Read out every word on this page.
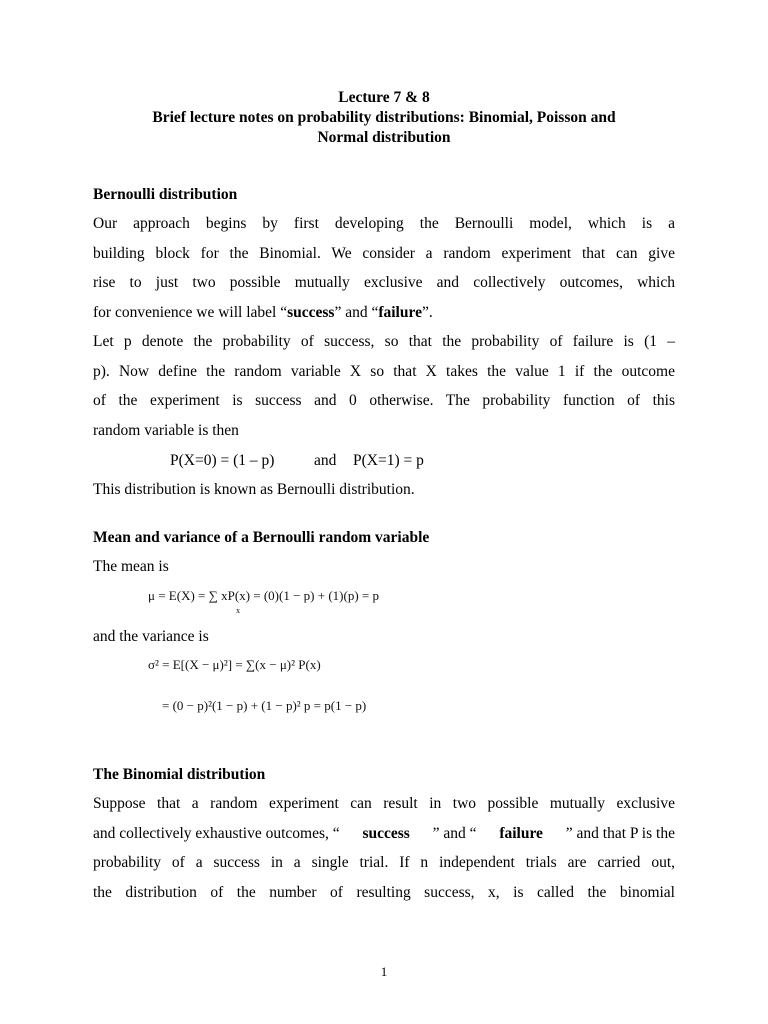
Lecture 7 & 8
Brief lecture notes on probability distributions: Binomial, Poisson and
Normal distribution
Bernoulli distribution
Our approach begins by first developing the Bernoulli model, which is a
building block for the Binomial. We consider a random experiment that can give
rise to just two possible mutually exclusive and collectively outcomes, which
for convenience we will label “success” and “failure”.
Let p denote the probability of success, so that the probability of failure is (1 –
p). Now define the random variable X so that X takes the value 1 if the outcome
of the experiment is success and 0 otherwise. The probability function of this
random variable is then
P(X=0) = (1 – p)	and P(X=1) = p
This distribution is known as Bernoulli distribution.
Mean and variance of a Bernoulli random variable
The mean is
μ = E(X) = ∑ xP(x) = (0)(1 − p) + (1)(p) = p
x
and the variance is
σ² = E[(X − μ)²] = ∑(x − μ)² P(x)
= (0 − p)²(1 − p) + (1 − p)² p = p(1 − p)
The Binomial distribution
Suppose that a random experiment can result in two possible mutually exclusive
and collectively exhaustive outcomes, “ success ” and “ failure ” and that P is the
probability of a success in a single trial. If n independent trials are carried out,
the distribution of the number of resulting success, x, is called the binomial
1
